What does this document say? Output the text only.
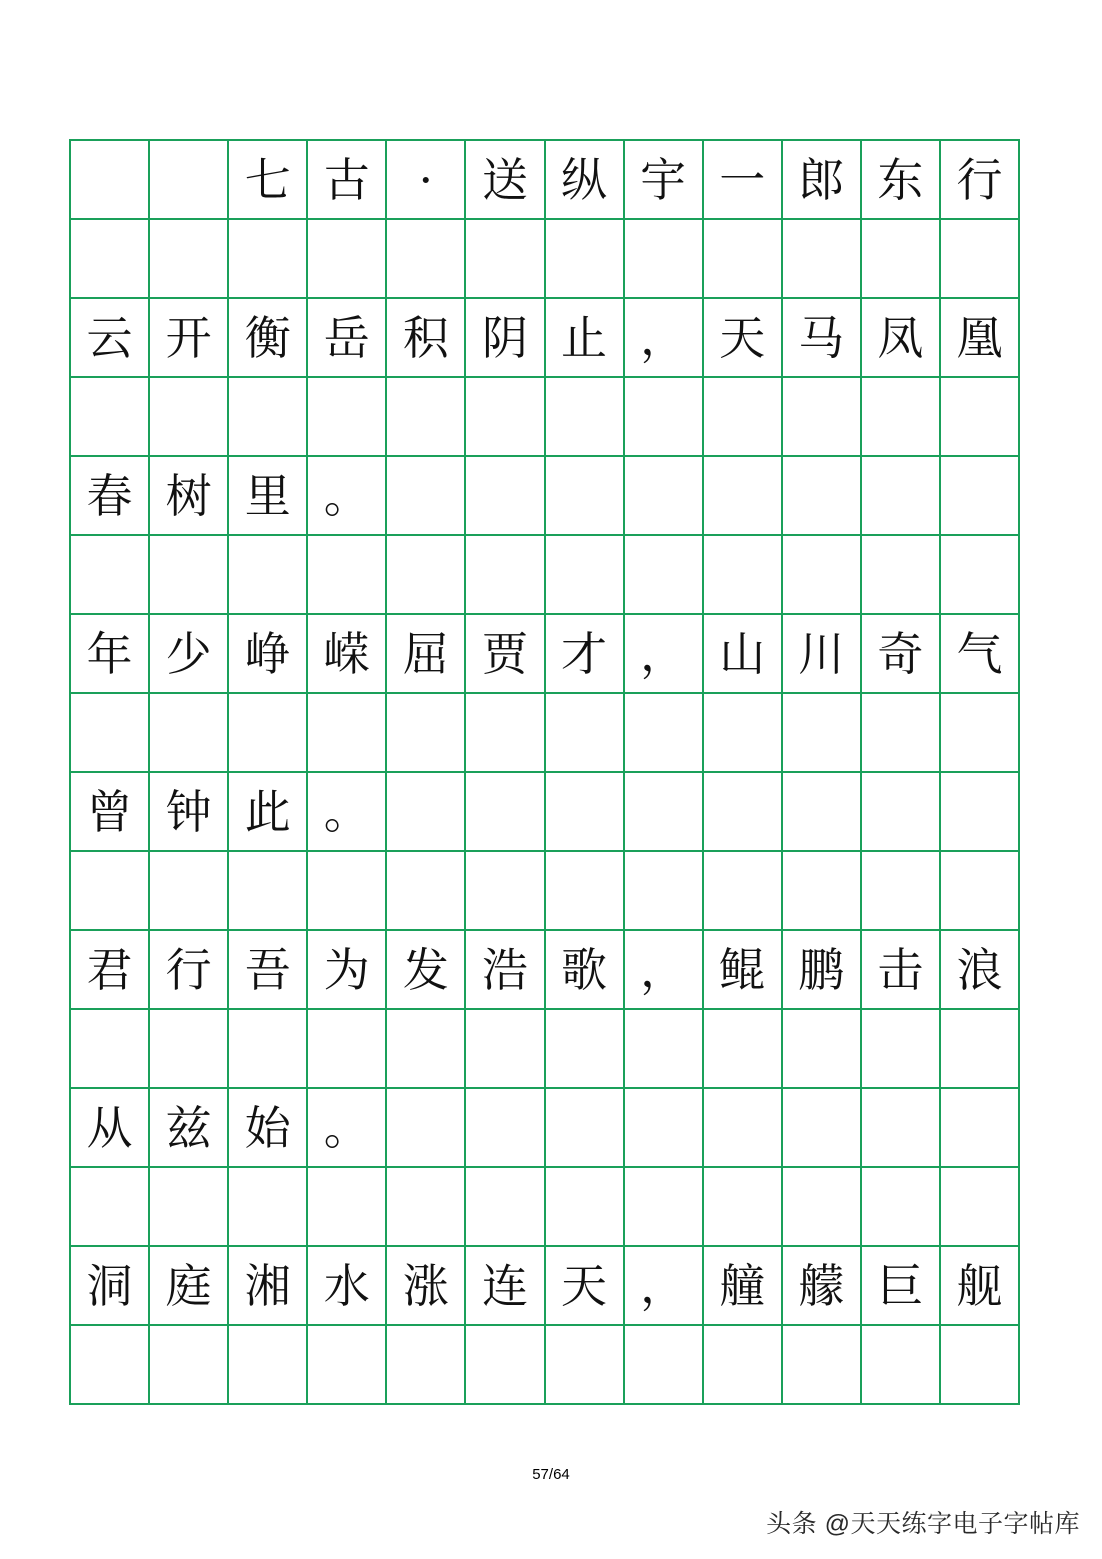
七 古	·	送 纵 宇 一 郎 东 行
云 开 衡 岳 积 阴 止 ， 天 马 凤 凰
春 树 里 。
年 少 峥 嵘 屈 贾 才 ， 山 川 奇 气
曾 钟 此 。
君 行 吾 为 发 浩 歌 ， 鲲 鹏 击 浪
从 兹 始 。
洞 庭 湘 水 涨 连 天 ， 艟 艨 巨 舰
57/64
头条 @天天练字电子字帖库
